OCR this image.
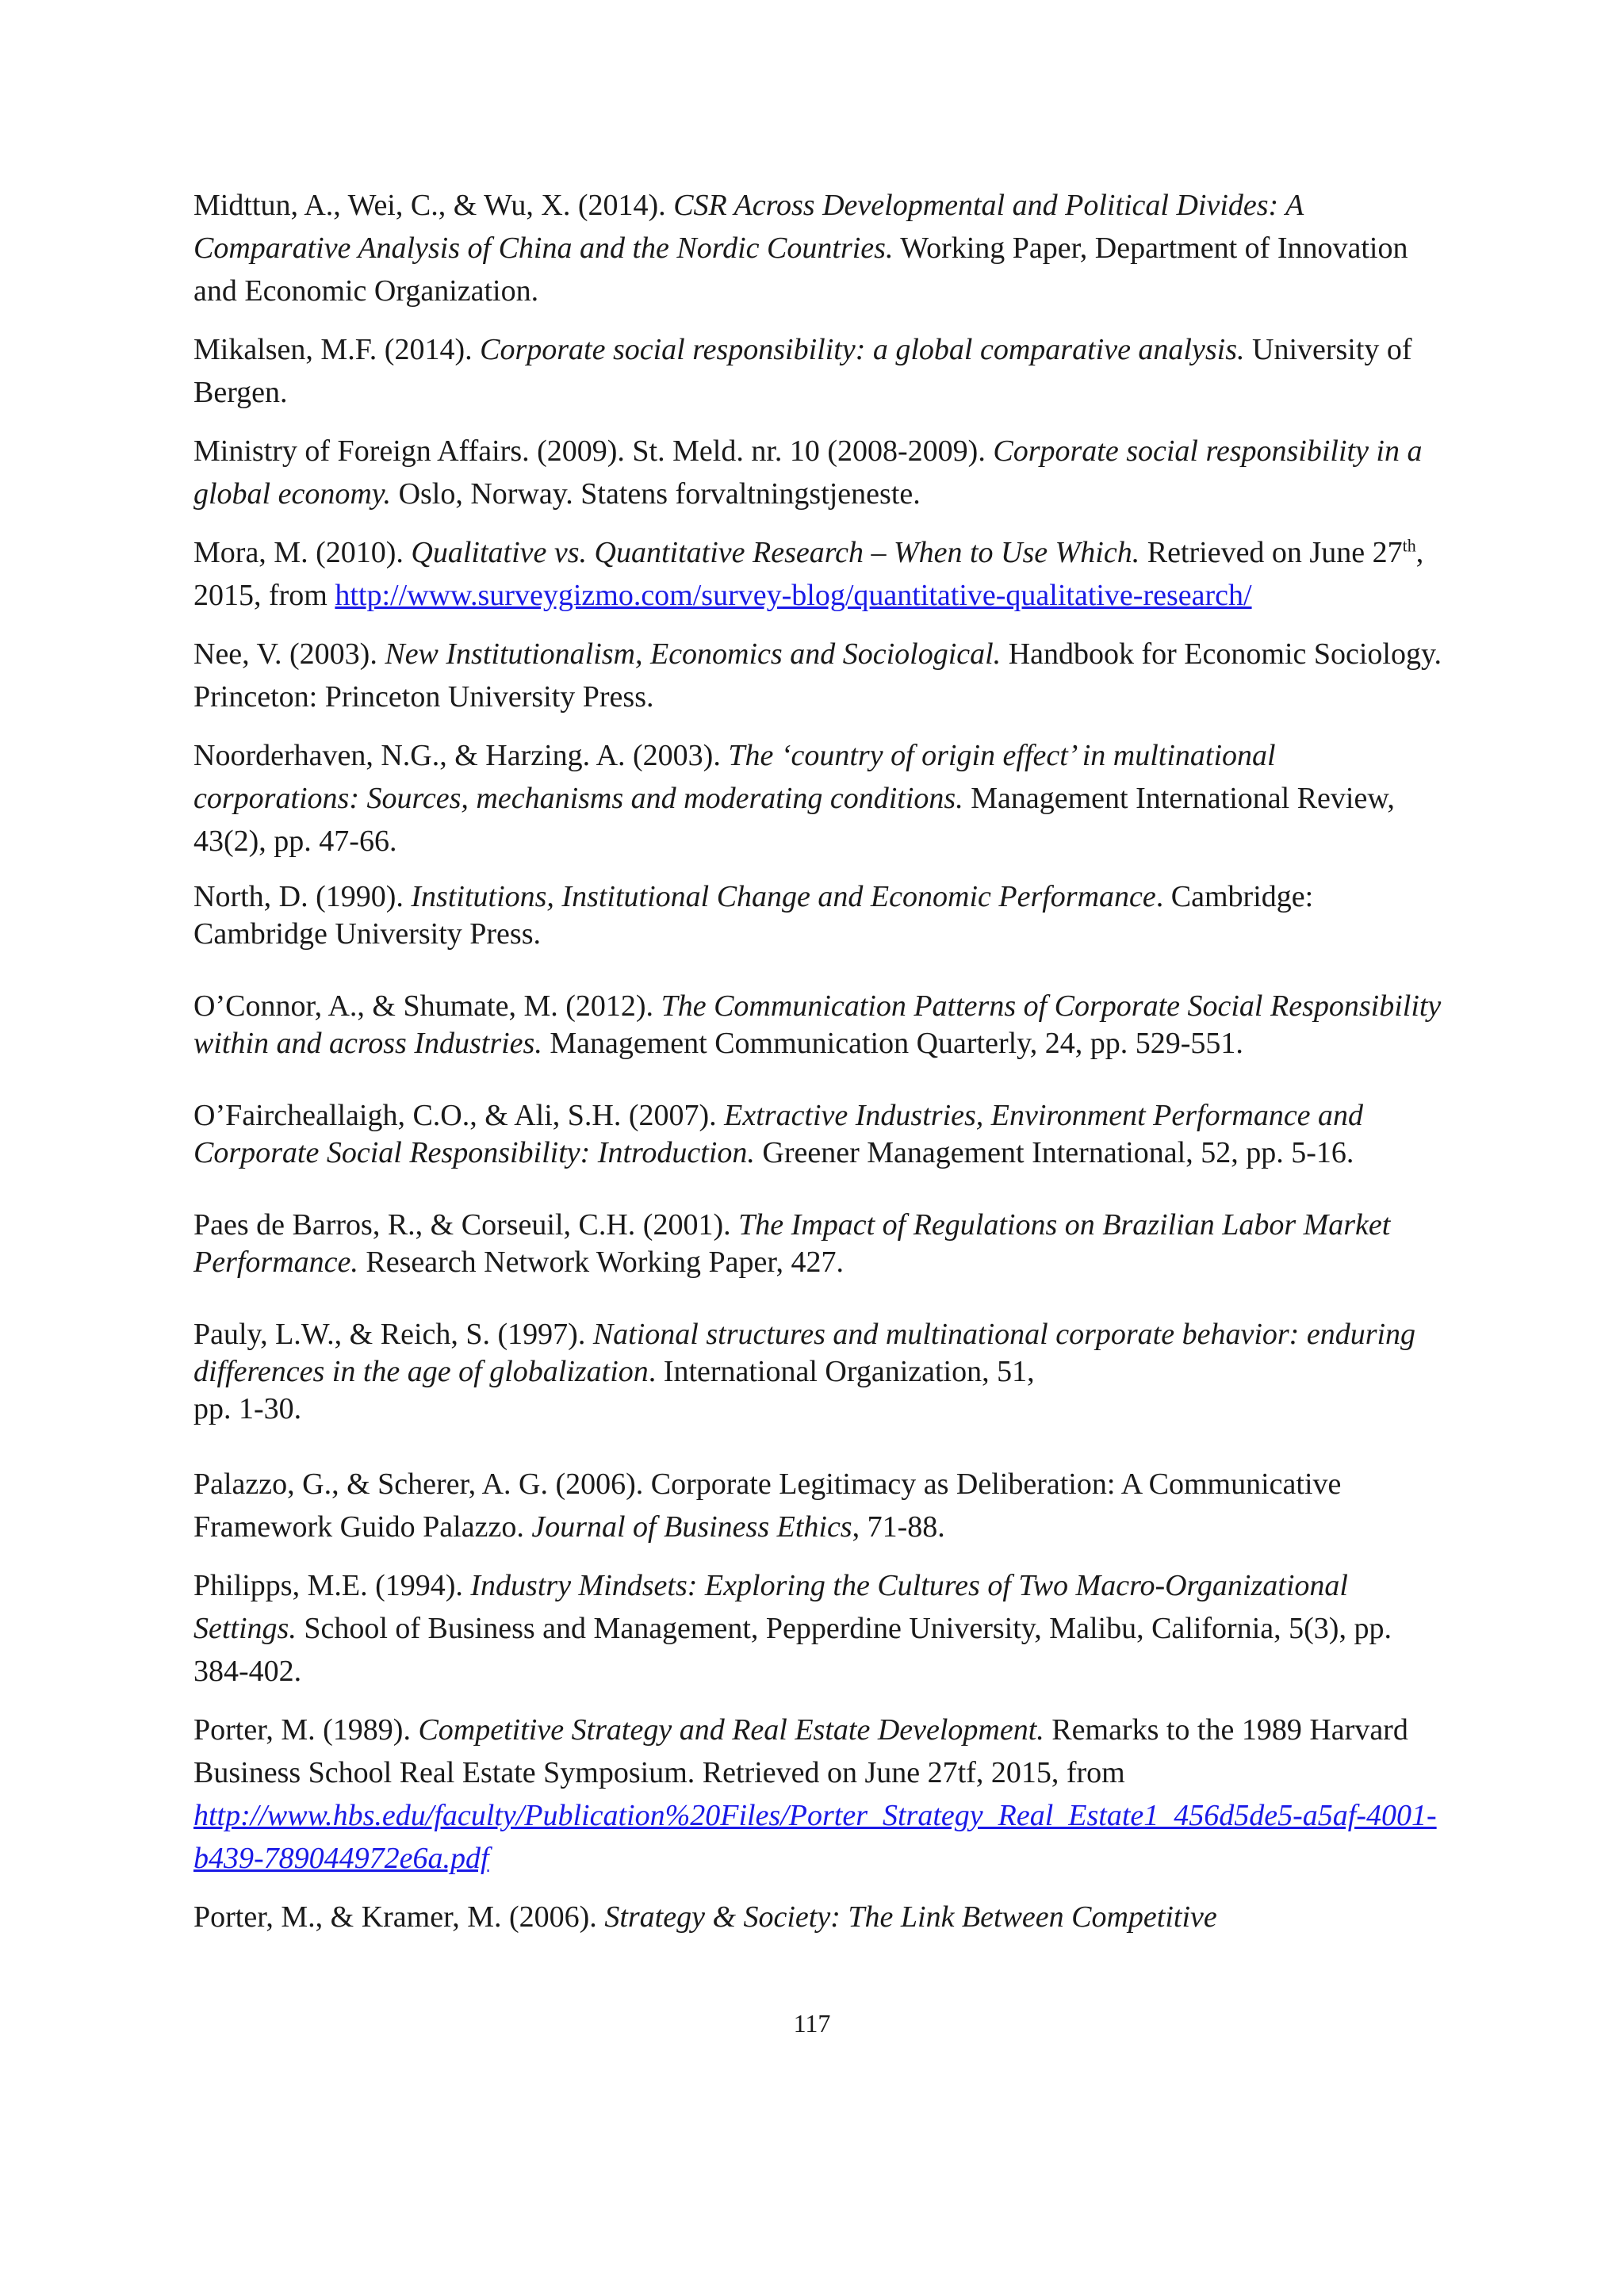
Midttun, A., Wei, C., & Wu, X. (2014). CSR Across Developmental and Political Divides: A Comparative Analysis of China and the Nordic Countries. Working Paper, Department of Innovation and Economic Organization.

Mikalsen, M.F. (2014). Corporate social responsibility: a global comparative analysis. University of Bergen.

Ministry of Foreign Affairs. (2009). St. Meld. nr. 10 (2008-2009). Corporate social responsibility in a global economy. Oslo, Norway. Statens forvaltningstjeneste.

Mora, M. (2010). Qualitative vs. Quantitative Research – When to Use Which. Retrieved on June 27th, 2015, from http://www.surveygizmo.com/survey-blog/quantitative-qualitative-research/

Nee, V. (2003). New Institutionalism, Economics and Sociological. Handbook for Economic Sociology. Princeton: Princeton University Press.

Noorderhaven, N.G., & Harzing. A. (2003). The ‘country of origin effect’ in multinational corporations: Sources, mechanisms and moderating conditions. Management International Review, 43(2), pp. 47-66.

North, D. (1990). Institutions, Institutional Change and Economic Performance. Cambridge: Cambridge University Press.

O’Connor, A., & Shumate, M. (2012). The Communication Patterns of Corporate Social Responsibility within and across Industries. Management Communication Quarterly, 24, pp. 529-551.

O’Faircheallaigh, C.O., & Ali, S.H. (2007). Extractive Industries, Environment Performance and Corporate Social Responsibility: Introduction. Greener Management International, 52, pp. 5-16.

Paes de Barros, R., & Corseuil, C.H. (2001). The Impact of Regulations on Brazilian Labor Market Performance. Research Network Working Paper, 427.

Pauly, L.W., & Reich, S. (1997). National structures and multinational corporate behavior: enduring differences in the age of globalization. International Organization, 51,
pp. 1-30.

Palazzo, G., & Scherer, A. G. (2006). Corporate Legitimacy as Deliberation: A Communicative Framework Guido Palazzo. Journal of Business Ethics, 71-88.

Philipps, M.E. (1994). Industry Mindsets: Exploring the Cultures of Two Macro-Organizational Settings. School of Business and Management, Pepperdine University, Malibu, California, 5(3), pp. 384-402.

Porter, M. (1989). Competitive Strategy and Real Estate Development. Remarks to the 1989 Harvard Business School Real Estate Symposium. Retrieved on June 27tf, 2015, from http://www.hbs.edu/faculty/Publication%20Files/Porter_Strategy_Real_Estate1_456d5de5-a5af-4001-b439-789044972e6a.pdf

Porter, M., & Kramer, M. (2006). Strategy & Society: The Link Between Competitive

117
